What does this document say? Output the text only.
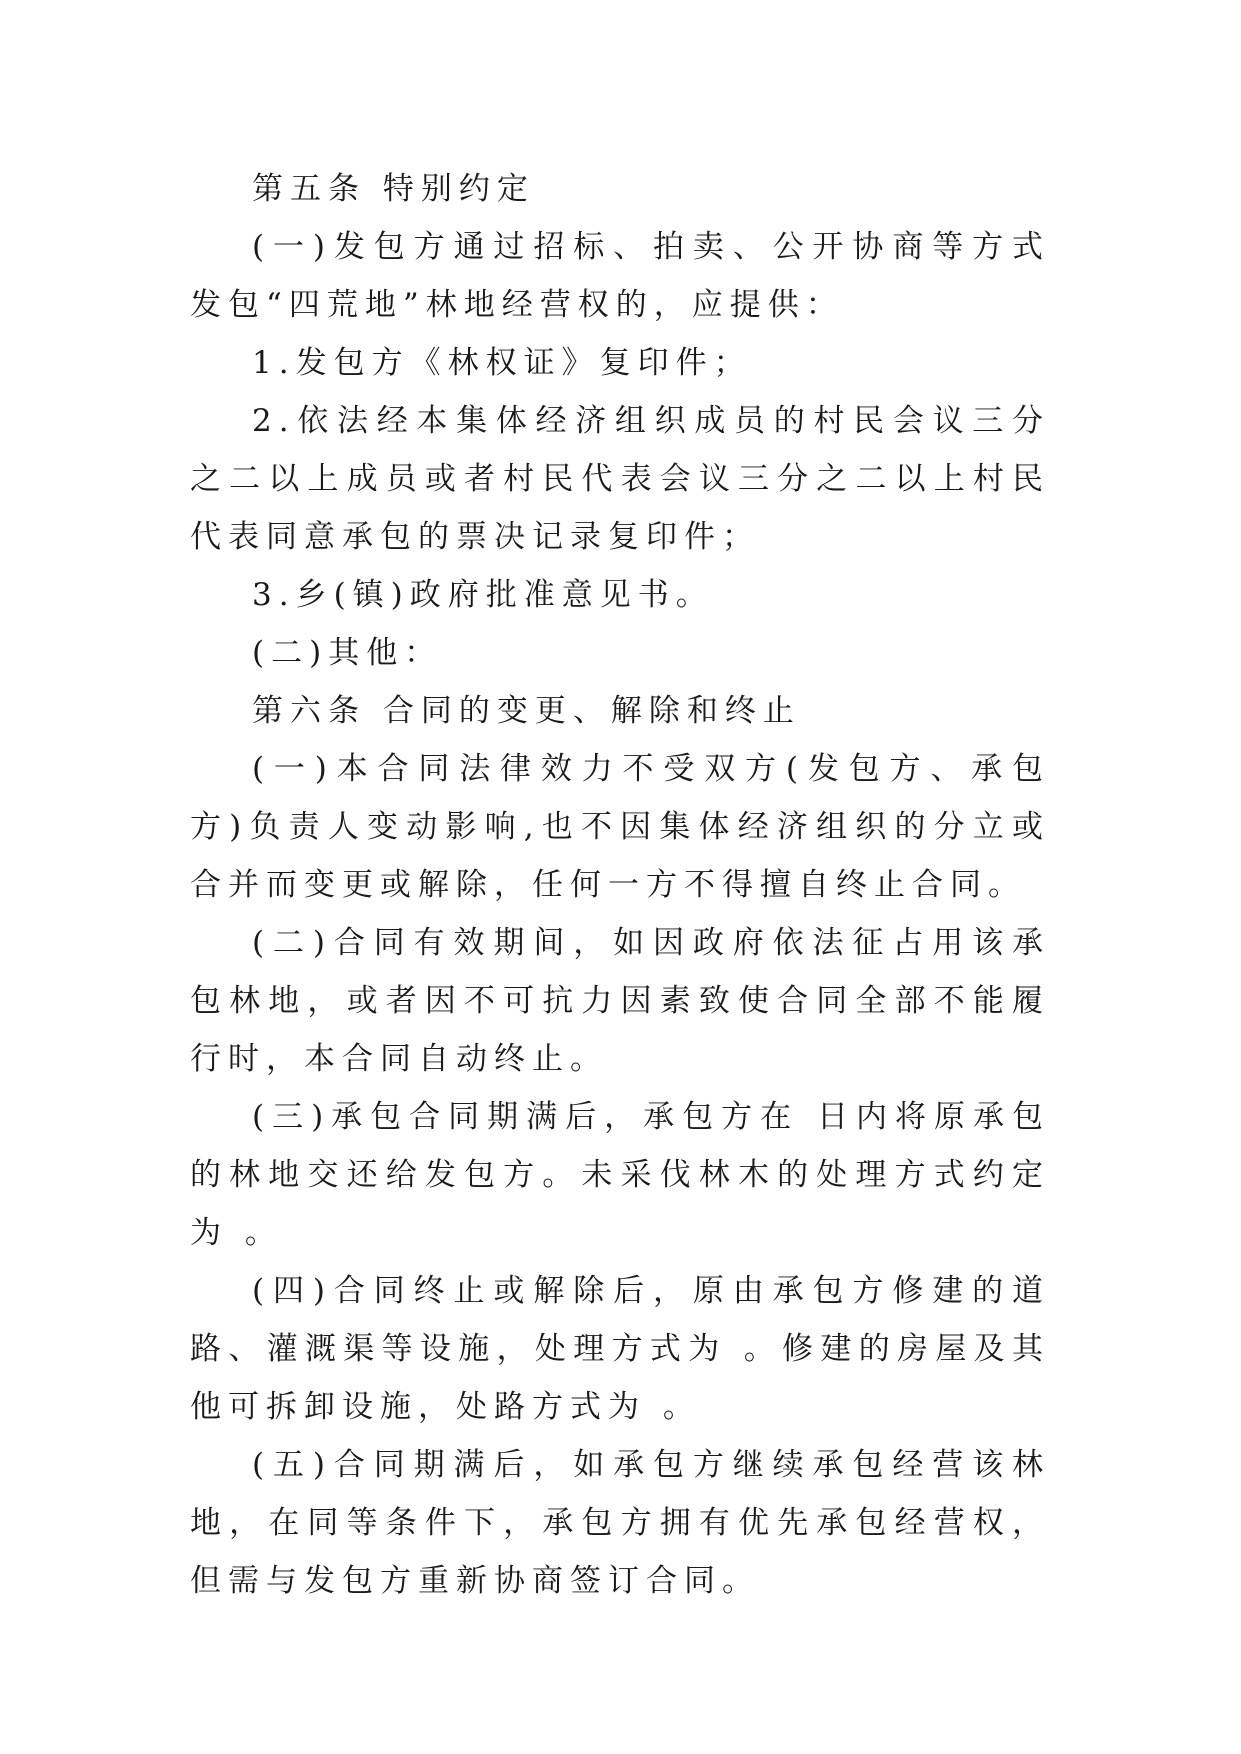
第五条 特别约定

(一)发包方通过招标、拍卖、公开协商等方式发包“四荒地”林地经营权的，应提供：

1.发包方《林权证》复印件；

2.依法经本集体经济组织成员的村民会议三分之二以上成员或者村民代表会议三分之二以上村民代表同意承包的票决记录复印件；

3.乡(镇)政府批准意见书。

(二)其他：

第六条 合同的变更、解除和终止

(一)本合同法律效力不受双方(发包方、承包方)负责人变动影响,也不因集体经济组织的分立或合并而变更或解除，任何一方不得擅自终止合同。

(二)合同有效期间，如因政府依法征占用该承包林地，或者因不可抗力因素致使合同全部不能履行时，本合同自动终止。

(三)承包合同期满后，承包方在 日内将原承包的林地交还给发包方。未采伐林木的处理方式约定为 。

(四)合同终止或解除后，原由承包方修建的道路、灌溉渠等设施，处理方式为 。修建的房屋及其他可拆卸设施，处路方式为 。

(五)合同期满后，如承包方继续承包经营该林地，在同等条件下，承包方拥有优先承包经营权，但需与发包方重新协商签订合同。
